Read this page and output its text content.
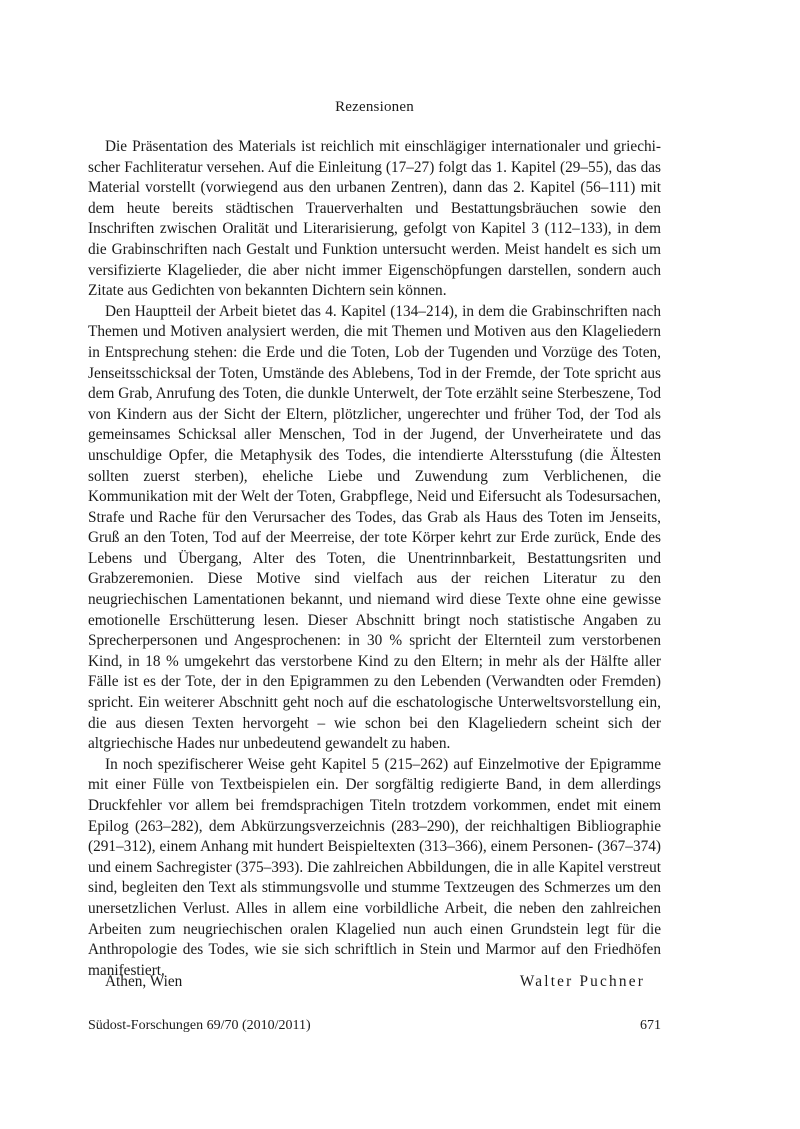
Rezensionen

Die Präsentation des Materials ist reichlich mit einschlägiger internationaler und griechischer Fachliteratur versehen. Auf die Einleitung (17–27) folgt das 1. Kapitel (29–55), das das Material vorstellt (vorwiegend aus den urbanen Zentren), dann das 2. Kapitel (56–111) mit dem heute bereits städtischen Trauerverhalten und Bestattungsbräuchen sowie den Inschriften zwischen Oralität und Literarisierung, gefolgt von Kapitel 3 (112–133), in dem die Grabinschriften nach Gestalt und Funktion untersucht werden. Meist handelt es sich um versifizierte Klagelieder, die aber nicht immer Eigenschöpfungen darstellen, sondern auch Zitate aus Gedichten von bekannten Dichtern sein können.

Den Hauptteil der Arbeit bietet das 4. Kapitel (134–214), in dem die Grabinschriften nach Themen und Motiven analysiert werden, die mit Themen und Motiven aus den Klageliedern in Entsprechung stehen: die Erde und die Toten, Lob der Tugenden und Vorzüge des Toten, Jenseitsschicksal der Toten, Umstände des Ablebens, Tod in der Fremde, der Tote spricht aus dem Grab, Anrufung des Toten, die dunkle Unterwelt, der Tote erzählt seine Sterbeszene, Tod von Kindern aus der Sicht der Eltern, plötzlicher, ungerechter und früher Tod, der Tod als gemeinsames Schicksal aller Menschen, Tod in der Jugend, der Unverheiratete und das unschuldige Opfer, die Metaphysik des Todes, die intendierte Altersstufung (die Ältesten sollten zuerst sterben), eheliche Liebe und Zuwendung zum Verblichenen, die Kommunikation mit der Welt der Toten, Grabpflege, Neid und Eifersucht als Todesursachen, Strafe und Rache für den Verursacher des Todes, das Grab als Haus des Toten im Jenseits, Gruß an den Toten, Tod auf der Meerreise, der tote Körper kehrt zur Erde zurück, Ende des Lebens und Übergang, Alter des Toten, die Unentrinnbarkeit, Bestattungsriten und Grabzeremonien. Diese Motive sind vielfach aus der reichen Literatur zu den neugriechischen Lamentationen bekannt, und niemand wird diese Texte ohne eine gewisse emotionelle Erschütterung lesen. Dieser Abschnitt bringt noch statistische Angaben zu Sprecherpersonen und Angesprochenen: in 30 % spricht der Elternteil zum verstorbenen Kind, in 18 % umgekehrt das verstorbene Kind zu den Eltern; in mehr als der Hälfte aller Fälle ist es der Tote, der in den Epigrammen zu den Lebenden (Verwandten oder Fremden) spricht. Ein weiterer Abschnitt geht noch auf die eschatologische Unterweltsvorstellung ein, die aus diesen Texten hervorgeht – wie schon bei den Klageliedern scheint sich der altgriechische Hades nur unbedeutend gewandelt zu haben.

In noch spezifischerer Weise geht Kapitel 5 (215–262) auf Einzelmotive der Epigramme mit einer Fülle von Textbeispielen ein. Der sorgfältig redigierte Band, in dem allerdings Druckfehler vor allem bei fremdsprachigen Titeln trotzdem vorkommen, endet mit einem Epilog (263–282), dem Abkürzungsverzeichnis (283–290), der reichhaltigen Bibliographie (291–312), einem Anhang mit hundert Beispieltexten (313–366), einem Personen- (367–374) und einem Sachregister (375–393). Die zahlreichen Abbildungen, die in alle Kapitel verstreut sind, begleiten den Text als stimmungsvolle und stumme Textzeugen des Schmerzes um den unersetzlichen Verlust. Alles in allem eine vorbildliche Arbeit, die neben den zahlreichen Arbeiten zum neugriechischen oralen Klagelied nun auch einen Grundstein legt für die Anthropologie des Todes, wie sie sich schriftlich in Stein und Marmor auf den Friedhöfen manifestiert.

Athen, Wien	Walter Puchner
Südost-Forschungen 69/70 (2010/2011)	671
